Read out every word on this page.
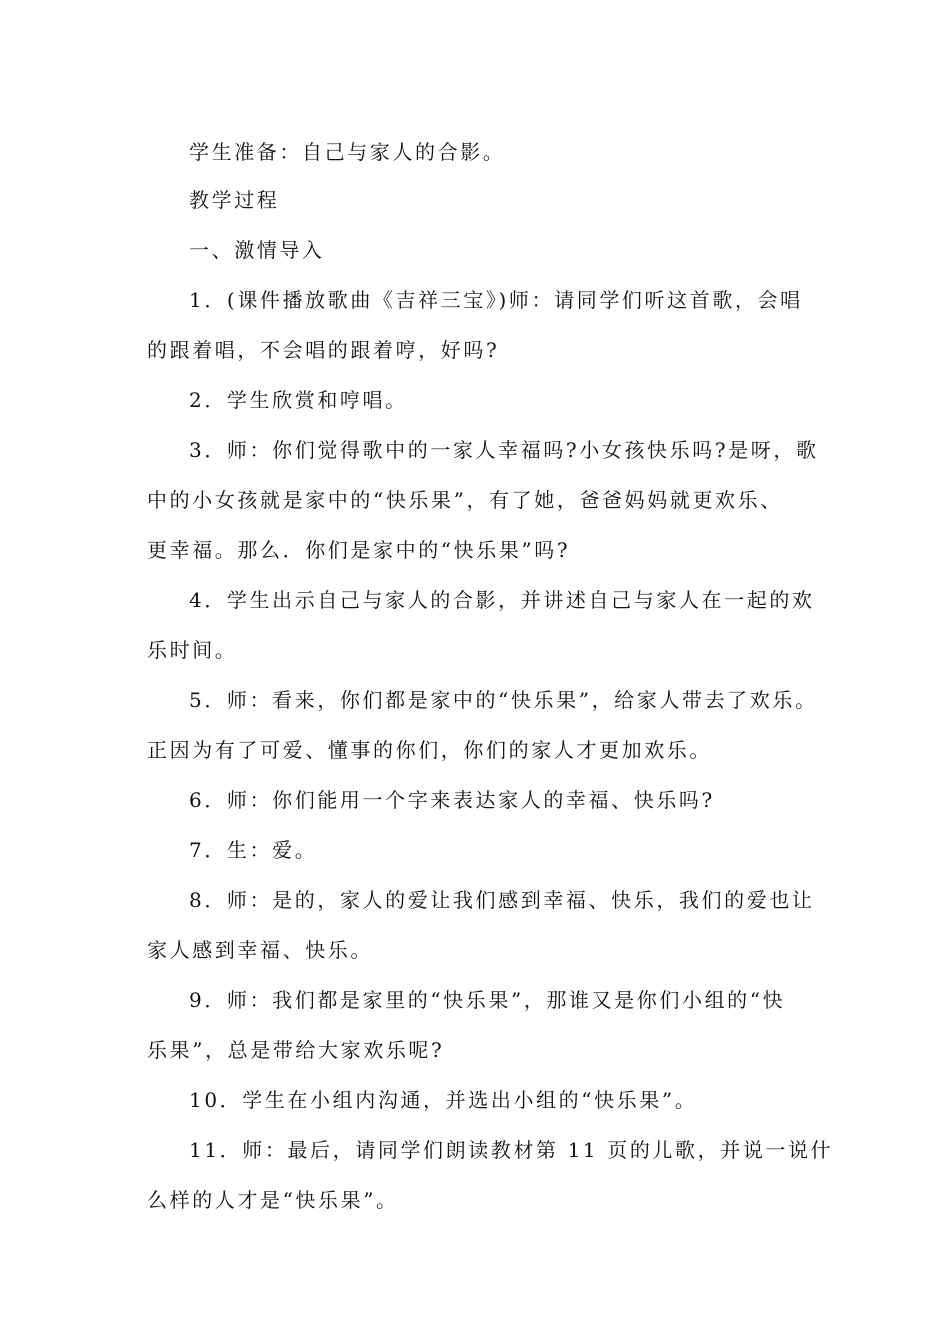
学生准备：自己与家人的合影。
教学过程
一、激情导入
1．(课件播放歌曲《吉祥三宝》)师：请同学们听这首歌，会唱
的跟着唱，不会唱的跟着哼，好吗?
2．学生欣赏和哼唱。
3．师：你们觉得歌中的一家人幸福吗?小女孩快乐吗?是呀，歌
中的小女孩就是家中的“快乐果”，有了她，爸爸妈妈就更欢乐、
更幸福。那么．你们是家中的“快乐果”吗?
4．学生出示自己与家人的合影，并讲述自己与家人在一起的欢
乐时间。
5．师：看来，你们都是家中的“快乐果”，给家人带去了欢乐。
正因为有了可爱、懂事的你们，你们的家人才更加欢乐。
6．师：你们能用一个字来表达家人的幸福、快乐吗?
7．生：爱。
8．师：是的，家人的爱让我们感到幸福、快乐，我们的爱也让
家人感到幸福、快乐。
9．师：我们都是家里的“快乐果”，那谁又是你们小组的“快
乐果”，总是带给大家欢乐呢?
10．学生在小组内沟通，并选出小组的“快乐果”。
11．师：最后，请同学们朗读教材第 11 页的儿歌，并说一说什
么样的人才是“快乐果”。
